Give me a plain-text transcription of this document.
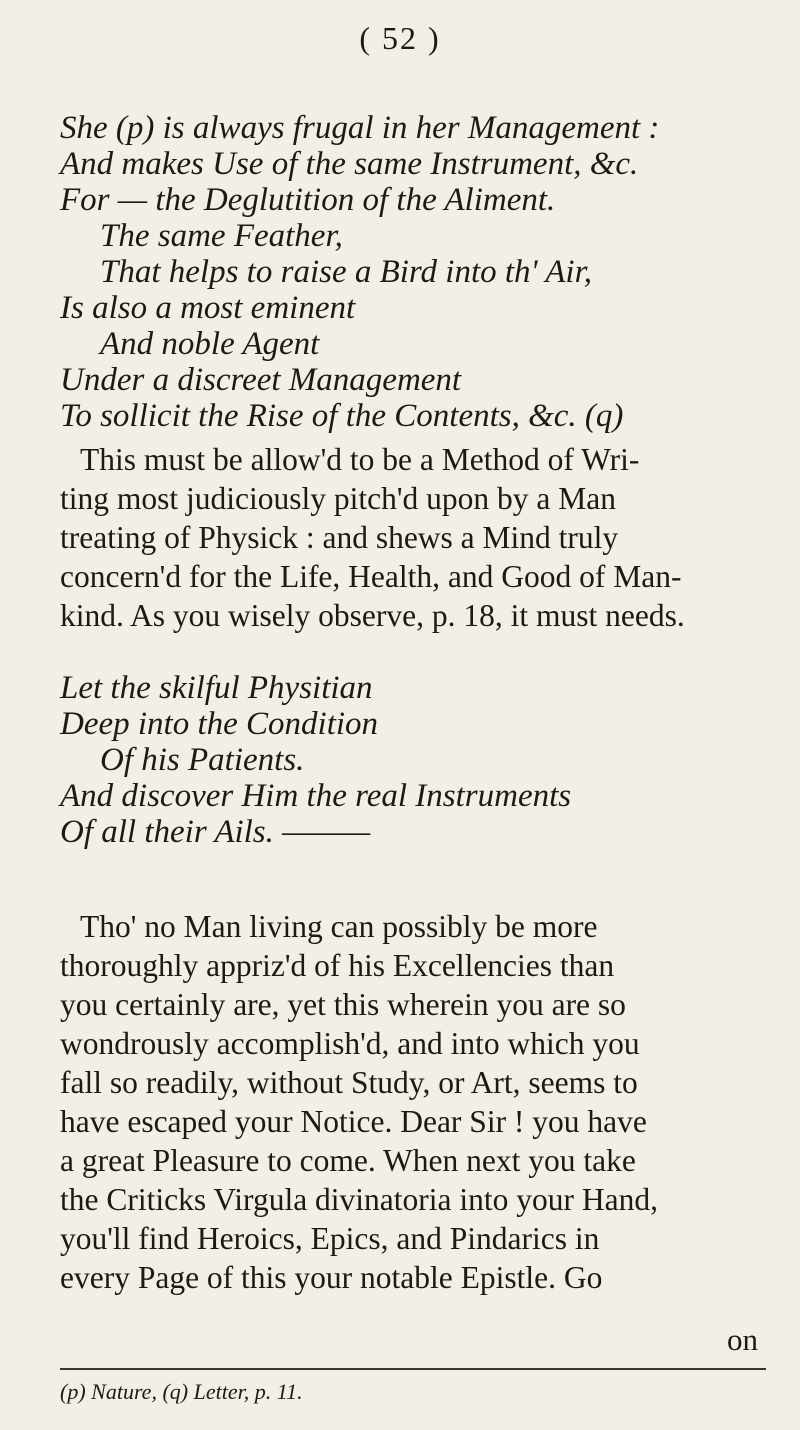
( 52 )
She (p) is always frugal in her Management :
And makes Use of the same Instrument, &c.
For — the Deglutition of the Aliment.
The same Feather,
That helps to raise a Bird into th' Air,
Is also a most eminent
And noble Agent
Under a discreet Management
To sollicit the Rise of the Contents, &c. (q)
This must be allow'd to be a Method of Wri-
ting most judiciously pitch'd upon by a Man
treating of Physick : and shews a Mind truly
concern'd for the Life, Health, and Good of Man-
kind. As you wisely observe, p. 18, it must needs.
Let the skilful Physitian
Deep into the Condition
Of his Patients.
And discover Him the real Instruments
Of all their Ails. ———
Tho' no Man living can possibly be more
thoroughly appriz'd of his Excellencies than
you certainly are, yet this wherein you are so
wondrously accomplish'd, and into which you
fall so readily, without Study, or Art, seems to
have escaped your Notice. Dear Sir ! you have
a great Pleasure to come. When next you take
the Criticks Virgula divinatoria into your Hand,
you'll find Heroics, Epics, and Pindarics in
every Page of this your notable Epistle. Go
on
(p) Nature, (q) Letter, p. 11.
